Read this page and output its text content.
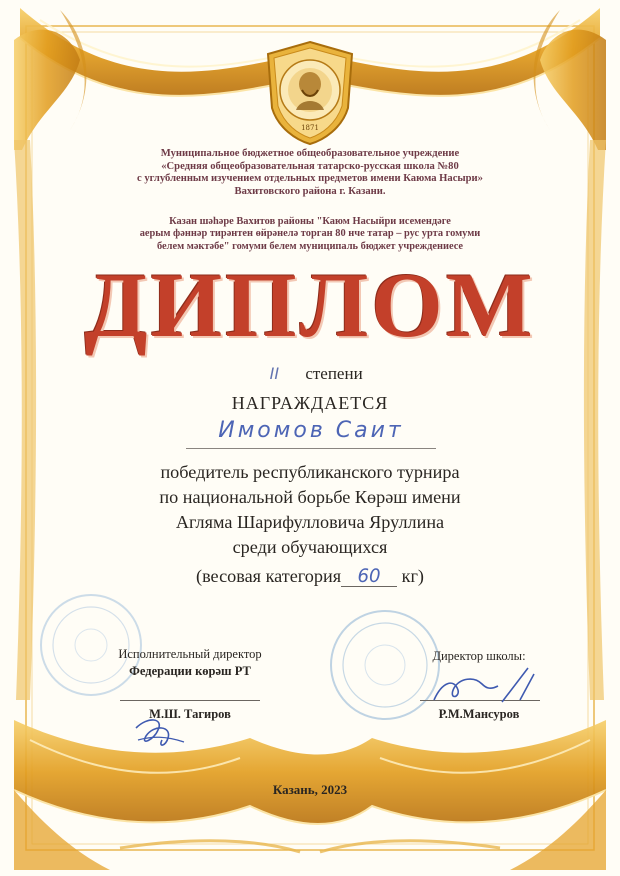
1871
Муниципальное бюджетное общеобразовательное учреждение
«Средняя общеобразовательная татарско-русская школа №80
с углубленным изучением отдельных предметов имени Каюма Насыри»
Вахитовского района г. Казани.
Казан шәһәре Вахитов районы "Каюм Насыйри исемендәге
аерым фәннәр тирәнтен өйрәнелә торган 80 нче татар – рус урта гомуми
белем мәктәбе" гомуми белем муниципаль бюджет учреждениесе
ДИПЛОМ
II степени
НАГРАЖДАЕТСЯ
Имомов Саит
победитель республиканского турнира
по национальной борьбе Көрәш имени
Агляма Шарифулловича Яруллина
среди обучающихся
(весовая категория 60 кг)
Исполнительный директор
Федерации көрәш РТ
М.Ш. Тагиров
Директор школы:
Р.М.Мансуров
Казань, 2023
